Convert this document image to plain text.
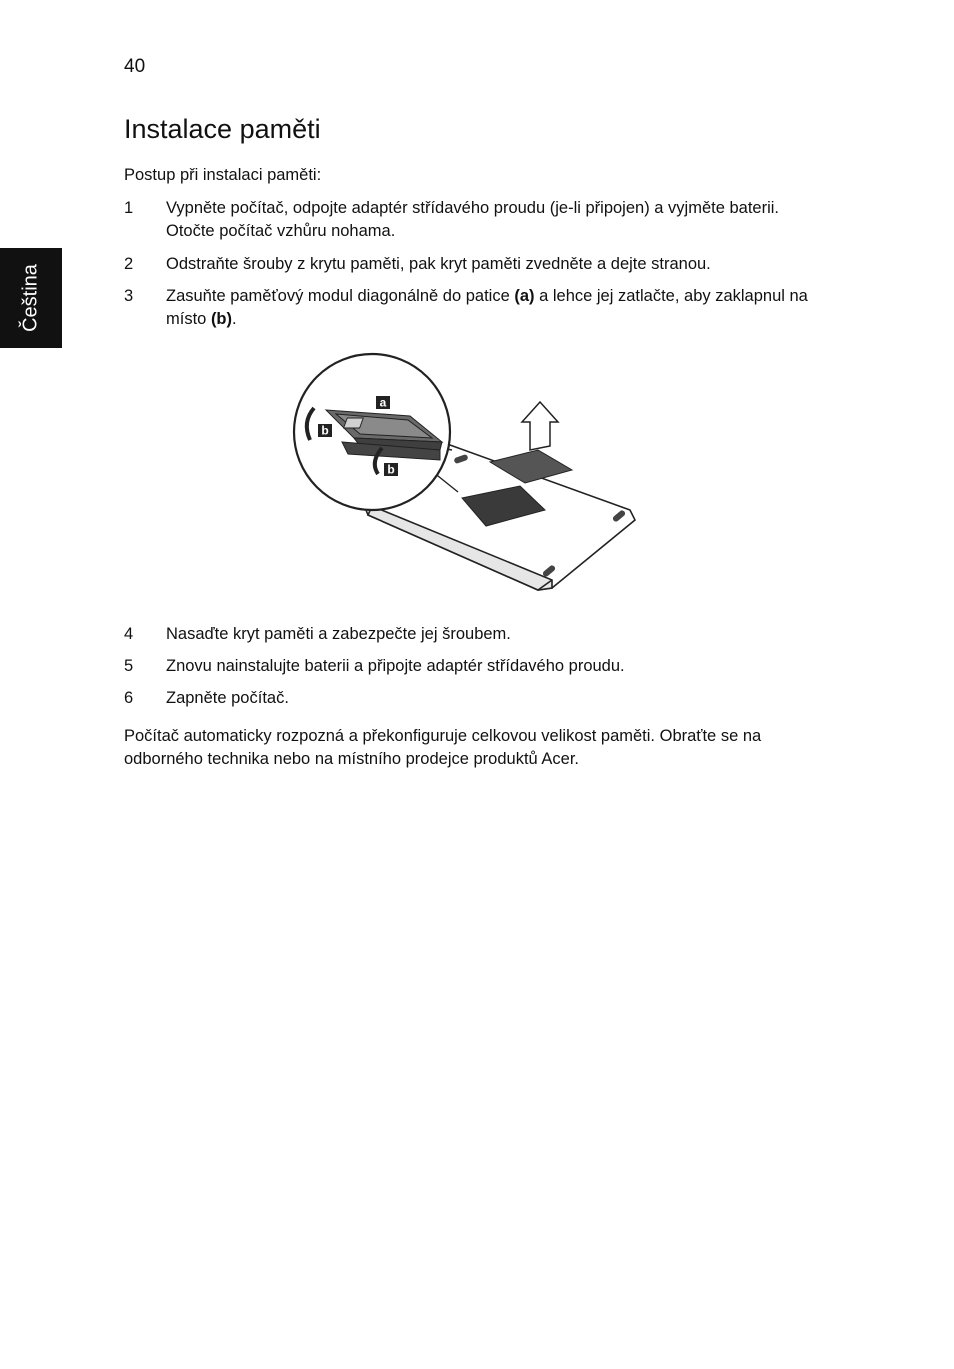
40
Čeština
Instalace paměti
Postup při instalaci paměti:
1	Vypněte počítač, odpojte adaptér střídavého proudu (je-li připojen) a vyjměte baterii. Otočte počítač vzhůru nohama.
2	Odstraňte šrouby z krytu paměti, pak kryt paměti zvedněte a dejte stranou.
3	Zasuňte paměťový modul diagonálně do patice (a) a lehce jej zatlačte, aby zaklapnul na místo (b).
a
b
b
4	Nasaďte kryt paměti a zabezpečte jej šroubem.
5	Znovu nainstalujte baterii a připojte adaptér střídavého proudu.
6	Zapněte počítač.
Počítač automaticky rozpozná a překonfiguruje celkovou velikost paměti. Obraťte se na odborného technika nebo na místního prodejce produktů Acer.
